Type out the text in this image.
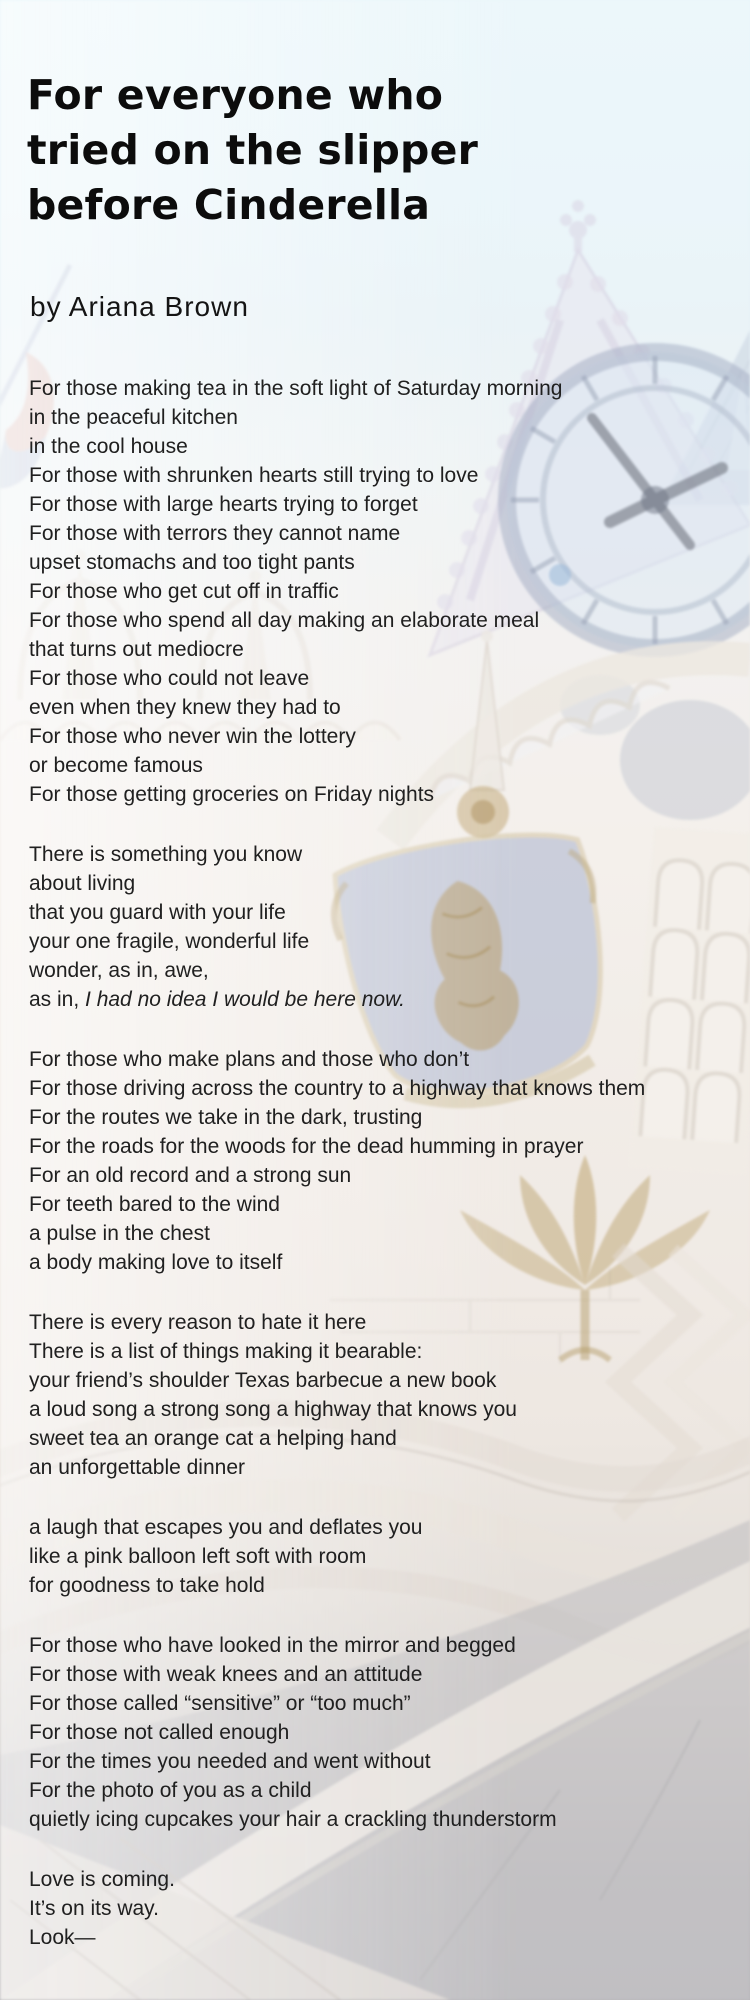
For everyone who
tried on the slipper
before Cinderella
by Ariana Brown
For those making tea in the soft light of Saturday morning
in the peaceful kitchen
in the cool house
For those with shrunken hearts still trying to love
For those with large hearts trying to forget
For those with terrors they cannot name
upset stomachs and too tight pants
For those who get cut off in traffic
For those who spend all day making an elaborate meal
that turns out mediocre
For those who could not leave
even when they knew they had to
For those who never win the lottery
or become famous
For those getting groceries on Friday nights
There is something you know
about living
that you guard with your life
your one fragile, wonderful life
wonder, as in, awe,
as in, I had no idea I would be here now.
For those who make plans and those who don’t
For those driving across the country to a highway that knows them
For the routes we take in the dark, trusting
For the roads for the woods for the dead humming in prayer
For an old record and a strong sun
For teeth bared to the wind
a pulse in the chest
a body making love to itself
There is every reason to hate it here
There is a list of things making it bearable:
your friend’s shoulder Texas barbecue a new book
a loud song a strong song a highway that knows you
sweet tea an orange cat a helping hand
an unforgettable dinner
a laugh that escapes you and deflates you
like a pink balloon left soft with room
for goodness to take hold
For those who have looked in the mirror and begged
For those with weak knees and an attitude
For those called “sensitive” or “too much”
For those not called enough
For the times you needed and went without
For the photo of you as a child
quietly icing cupcakes your hair a crackling thunderstorm
Love is coming.
It’s on its way.
Look—
